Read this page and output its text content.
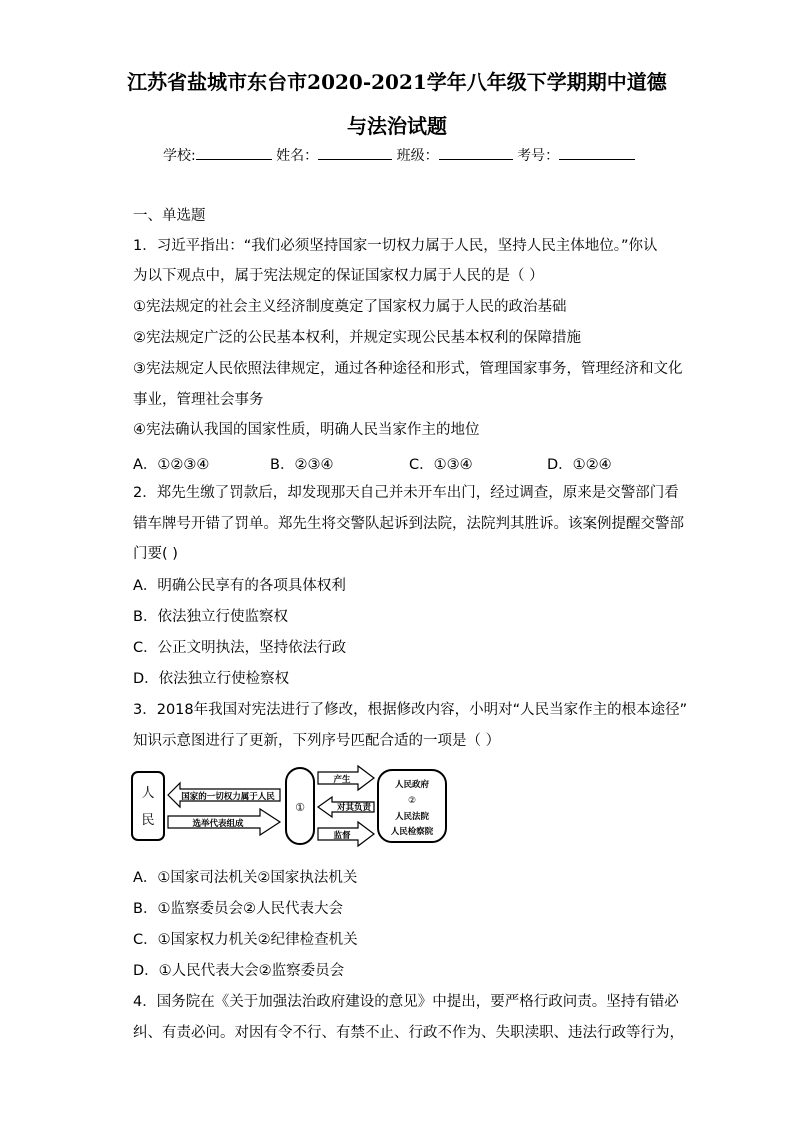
江苏省盐城市东台市2020-2021学年八年级下学期期中道德
与法治试题
学校:	姓名：	班级：	考号：
一、单选题
1．习近平指出：“我们必须坚持国家一切权力属于人民，坚持人民主体地位。”你认
为以下观点中，属于宪法规定的保证国家权力属于人民的是（ ）
①宪法规定的社会主义经济制度奠定了国家权力属于人民的政治基础
②宪法规定广泛的公民基本权利，并规定实现公民基本权利的保障措施
③宪法规定人民依照法律规定，通过各种途径和形式，管理国家事务，管理经济和文化
事业，管理社会事务
④宪法确认我国的国家性质，明确人民当家作主的地位
A．①②③④	B．②③④	C．①③④	D．①②④
2．郑先生缴了罚款后，却发现那天自己并未开车出门，经过调查，原来是交警部门看
错车牌号开错了罚单。郑先生将交警队起诉到法院，法院判其胜诉。该案例提醒交警部
门要( )
A．明确公民享有的各项具体权利
B．依法独立行使监察权
C．公正文明执法，坚持依法行政
D．依法独立行使检察权
3．2018年我国对宪法进行了修改，根据修改内容，小明对“人民当家作主的根本途径”
知识示意图进行了更新，下列序号匹配合适的一项是（ ）
人
民
国家的一切权力属于人民
选举代表组成
①
产生
对其负责
监督
人民政府
②
人民法院
人民检察院
A．①国家司法机关②国家执法机关
B．①监察委员会②人民代表大会
C．①国家权力机关②纪律检查机关
D．①人民代表大会②监察委员会
4．国务院在《关于加强法治政府建设的意见》中提出，要严格行政问责。坚持有错必
纠、有责必问。对因有令不行、有禁不止、行政不作为、失职渎职、违法行政等行为，
